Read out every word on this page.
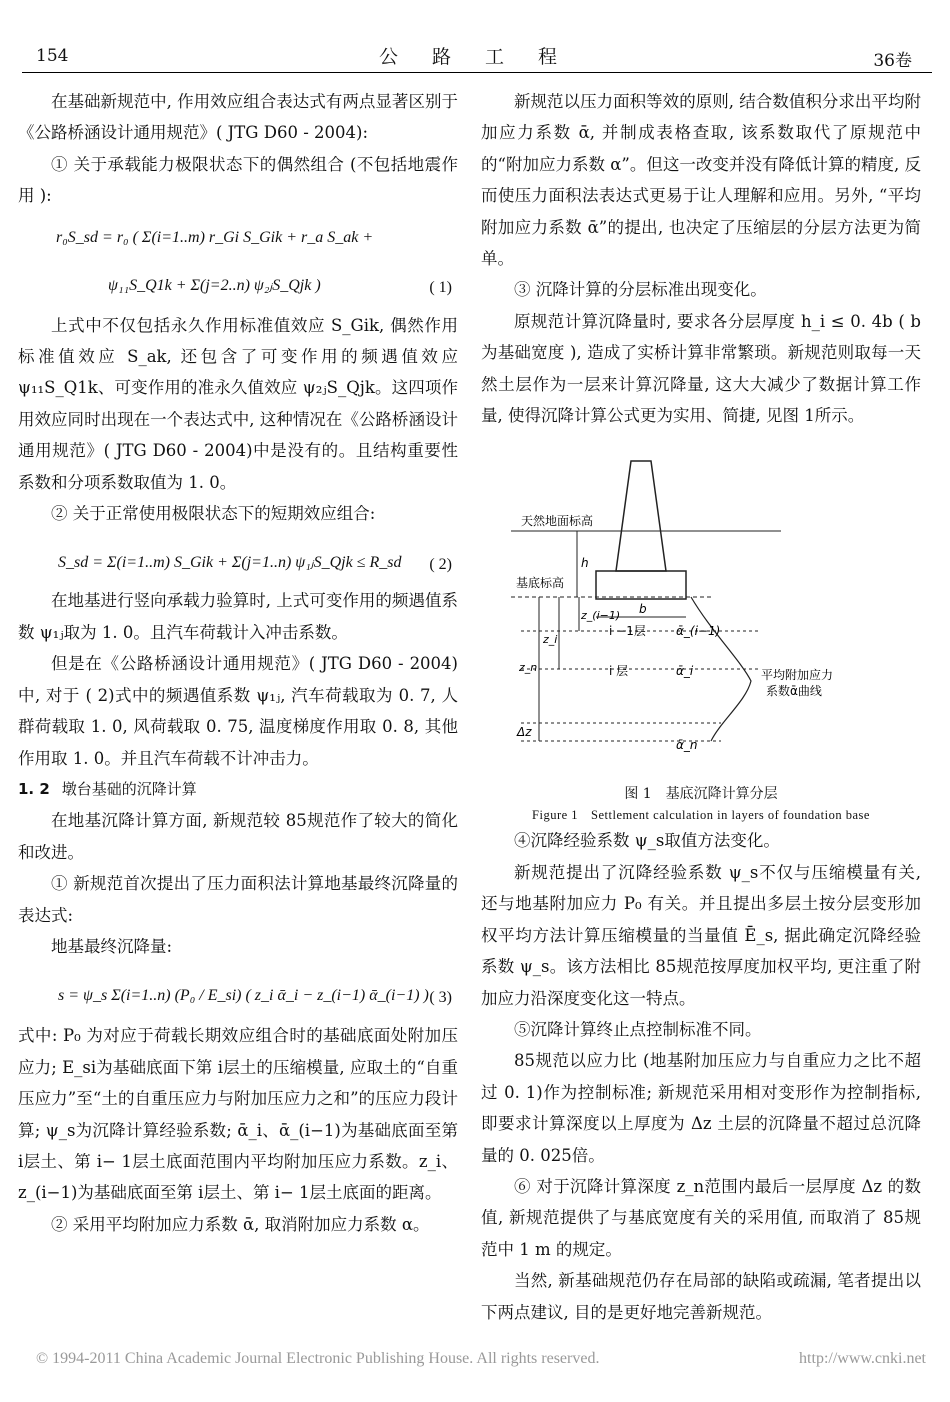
154	公 路 工 程	36卷

在基础新规范中, 作用效应组合表达式有两点显著区别于《公路桥涵设计通用规范》( JTG D60 - 2004):

① 关于承载能力极限状态下的偶然组合 (不包括地震作用 ):

r₀S_sd = r₀ ( Σ(i=1..m) r_Gi S_Gik + r_a S_ak +
ψ₁₁S_Q1k + Σ(j=2..n) ψ₂ⱼS_Qjk )	( 1)

上式中不仅包括永久作用标准值效应 S_Gik, 偶然作用标准值效应 S_ak, 还包含了可变作用的频遇值效应 ψ₁₁S_Q1k、可变作用的准永久值效应 ψ₂ⱼS_Qjk。这四项作用效应同时出现在一个表达式中, 这种情况在《公路桥涵设计通用规范》( JTG D60 - 2004)中是没有的。且结构重要性系数和分项系数取值为 1. 0。

② 关于正常使用极限状态下的短期效应组合:

S_sd = Σ(i=1..m) S_Gik + Σ(j=1..n) ψ₁ⱼS_Qjk ≤ R_sd ( 2)

在地基进行竖向承载力验算时, 上式可变作用的频遇值系数 ψ₁ⱼ取为 1. 0。且汽车荷载计入冲击系数。

但是在《公路桥涵设计通用规范》( JTG D60 - 2004)中, 对于 ( 2)式中的频遇值系数 ψ₁ⱼ, 汽车荷载取为 0. 7, 人群荷载取 1. 0, 风荷载取 0. 75, 温度梯度作用取 0. 8, 其他作用取 1. 0。并且汽车荷载不计冲击力。

1. 2 墩台基础的沉降计算

在地基沉降计算方面, 新规范较 85规范作了较大的简化和改进。

① 新规范首次提出了压力面积法计算地基最终沉降量的表达式:

地基最终沉降量:

s = ψ_s Σ(i=1..n) (P₀ / E_si) ( z_i ᾱ_i − z_(i−1) ᾱ_(i−1) ) ( 3)

式中: P₀ 为对应于荷载长期效应组合时的基础底面处附加压应力; E_si为基础底面下第 i层土的压缩模量, 应取土的“自重压应力”至“土的自重压应力与附加压应力之和”的压应力段计算; ψ_s为沉降计算经验系数; ᾱ_i、ᾱ_(i−1)为基础底面至第 i层土、第 i− 1层土底面范围内平均附加压应力系数。z_i、z_(i−1)为基础底面至第 i层土、第 i− 1层土底面的距离。

② 采用平均附加应力系数 ᾱ, 取消附加应力系数 α。

新规范以压力面积等效的原则, 结合数值积分求出平均附加应力系数 ᾱ, 并制成表格查取, 该系数取代了原规范中的“附加应力系数 α”。但这一改变并没有降低计算的精度, 反而使压力面积法表达式更易于让人理解和应用。另外, “平均附加应力系数 ᾱ”的提出, 也决定了压缩层的分层方法更为简单。

③ 沉降计算的分层标准出现变化。

原规范计算沉降量时, 要求各分层厚度 h_i ≤ 0. 4b ( b为基础宽度 ), 造成了实桥计算非常繁琐。新规范则取每一天然土层作为一层来计算沉降量, 这大大减少了数据计算工作量, 使得沉降计算公式更为实用、简捷, 见图 1所示。

天然地面标高
基底标高
h
b
i −1层	ᾱ_(i−1)
i 层	ᾱ_i
ᾱ_n
z_(i−1)
z_i
z_n
Δz
平均附加应力
系数ᾱ曲线
图 1　基底沉降计算分层
Figure 1　Settlement calculation in layers of foundation base

④沉降经验系数 ψ_s取值方法变化。

新规范提出了沉降经验系数 ψ_s不仅与压缩模量有关, 还与地基附加应力 P₀ 有关。并且提出多层土按分层变形加权平均方法计算压缩模量的当量值 Ē_s, 据此确定沉降经验系数 ψ_s。该方法相比 85规范按厚度加权平均, 更注重了附加应力沿深度变化这一特点。

⑤沉降计算终止点控制标准不同。

85规范以应力比 (地基附加压应力与自重应力之比不超过 0. 1)作为控制标准; 新规范采用相对变形作为控制指标, 即要求计算深度以上厚度为 Δz 土层的沉降量不超过总沉降量的 0. 025倍。

⑥ 对于沉降计算深度 z_n范围内最后一层厚度 Δz 的数值, 新规范提供了与基底宽度有关的采用值, 而取消了 85规范中 1 m 的规定。

当然, 新基础规范仍存在局部的缺陷或疏漏, 笔者提出以下两点建议, 目的是更好地完善新规范。

© 1994-2011 China Academic Journal Electronic Publishing House. All rights reserved.	http://www.cnki.net
